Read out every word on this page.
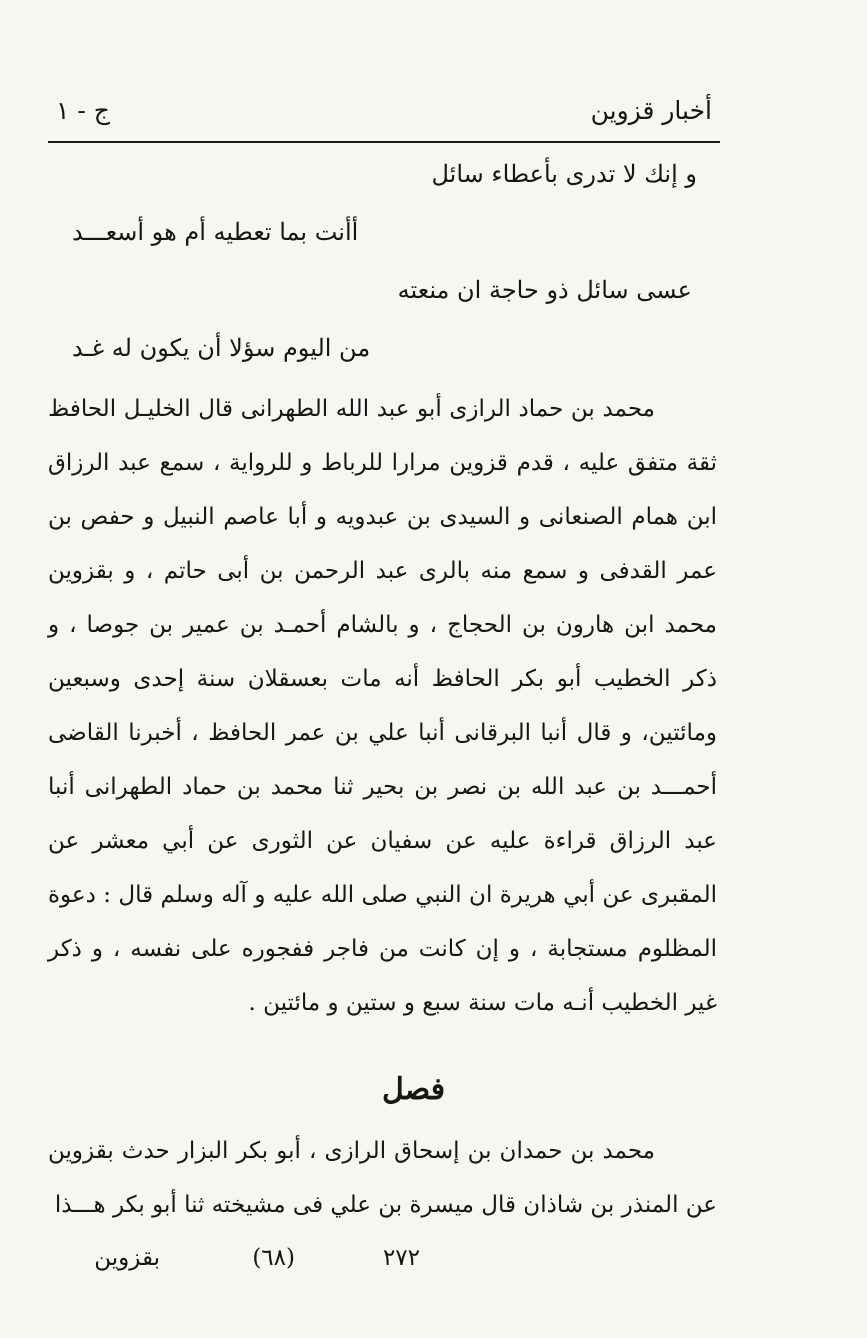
أخبار قزوين
ج - ١
و إنك لا تدرى بأعطاء سائل
أأنت بما تعطيه أم هو أسعـــد
عسى سائل ذو حاجة ان منعته
من اليوم سؤلا أن يكون له غـد

محمد بن حماد الرازى أبو عبد الله الطهرانى قال الخليـل الحافظ ثقة متفق عليه ، قدم قزوين مرارا للرباط و للرواية ، سمع عبد الرزاق ابن همام الصنعانى و السيدى بن عبدويه و أبا عاصم النبيل و حفص بن عمر القدفى و سمع منه بالرى عبد الرحمن بن أبى حاتم ، و بقزوين محمد ابن هارون بن الحجاج ، و بالشام أحمـد بن عمير بن جوصا ، و ذكر الخطيب أبو بكر الحافظ أنه مات بعسقلان سنة إحدى وسبعين ومائتين، و قال أنبا البرقانى أنبا علي بن عمر الحافظ ، أخبرنا القاضى أحمـــد بن عبد الله بن نصر بن بحير ثنا محمد بن حماد الطهرانى أنبا عبد الرزاق قراءة عليه عن سفيان عن الثورى عن أبي معشر عن المقبرى عن أبي هريرة ان النبي صلى الله عليه و آله وسلم قال : دعوة المظلوم مستجابة ، و إن كانت من فاجر ففجوره على نفسه ، و ذكر غير الخطيب أنـه مات سنة سبع و ستين و مائتين .

فصل

محمد بن حمدان بن إسحاق الرازى ، أبو بكر البزار حدث بقزوين عن المنذر بن شاذان قال ميسرة بن علي فى مشيخته ثنا أبو بكر هـــذا

بقزوين	(٦٨)	٢٧٢
